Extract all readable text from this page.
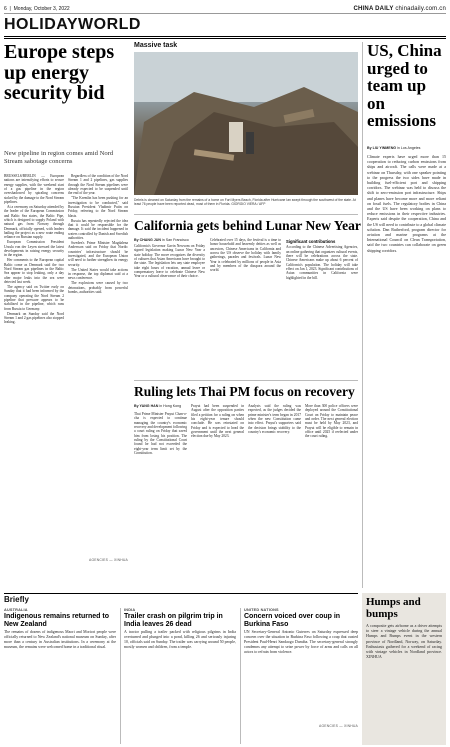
6  |  Monday, October 3, 2022	CHINA DAILY chinadaily.com.cn
HOLIDAYWORLD
Europe steps up energy security bid
New pipeline in region comes amid Nord Stream sabotage concerns

BRUSSELS/BERLIN — European nations are intensifying efforts to secure energy supplies, with the weekend start of a gas pipeline in the region overshadowed by spiraling concerns stoked by the damage to the Nord Stream pipelines.

At a ceremony on Saturday attended by the leader of the European Commission and Baltic Sea states, the Baltic Pipe, which is designed to supply Poland with natural gas from Norway through Denmark, officially opened, with leaders hailing the project as a new route ending reliance on Russian supply.

European Commission President Ursula von der Leyen stressed the latest developments in raising energy security in the region.

Her comments to the European capital Baltic come as Denmark said the two Nord Stream gas pipelines in the Baltic Sea appear to stop leaking, only a day after major leaks into the sea were detected last week.

The agency said on Twitter early on Sunday that it had been informed by the company operating the Nord Stream 2 pipeline that pressure appears to be stabilized in the pipeline, which runs from Russia to Germany.

Denmark on Sunday said the Nord Stream 1 and 2 gas pipelines also stopped leaking.

Regardless of the condition of the Nord Stream 1 and 2 pipelines, gas supplies through the Nord Stream pipelines were already expected to be suspended until the end of the year.

"The Kremlin has been pushing for an investigation to be conducted," said Russian President Vladimir Putin on Friday, referring to the Nord Stream blasts.

Russia has repeatedly rejected the idea that it could be responsible for the damage. It said the incident happened in waters controlled by Danish and Swedish authorities.

Sweden's Prime Minister Magdalena Andersson said on Friday that Nordic countries' infrastructure should be investigated, and the European Union will need to further strengthen its energy security.

The United States would take actions in response, the top diplomat said at a news conference.

The explosions were caused by two detonations, probably from powerful bombs, authorities said.

AGENCIES — XINHUA
Massive task
Debris is cleaned on Saturday from the remains of a home on Fort Myers Beach, Florida after Hurricane Ian swept through the southwest of the state. At least 76 people have been reported dead, most of them in Florida. GIORGIO VIERA / AFP
California gets behind Lunar New Year
By CHANG JUN in San Francisco
California's Governor Gavin Newsom on Friday signed legislation making Lunar New Year a state holiday. The move recognizes the diversity of cultures that Asian Americans have brought to the state. The legislation lets any state employee take eight hours of vacation, annual leave or compensatory leave to celebrate Chinese New Year or a cultural observance of their choice.
Celebrated over 15 days, the festival is a time to honor household and heavenly deities as well as ancestors, Chinese Americans in California and across the US observe the holiday with family gatherings, parades and festivals. Lunar New Year is celebrated by millions of people in Asia and by members of the diaspora around the world.
Significant contributions
According to the Chinese Advertising Agencies, an online gathering that organizes cultural events, there will be celebrations across the state. Chinese Americans make up about 6 percent of California's population. The holiday will take effect on Jan 1, 2023. Significant contributions of Asian communities in California were highlighted in the bill.
Ruling lets Thai PM focus on recovery
By YANG HAN in Hong Kong
Thai Prime Minister Prayut Chan-o-cha is expected to continue managing the country's economic recovery and development following a court ruling on Friday that saved him from losing his position. The ruling by the Constitutional Court found he had not exceeded the eight-year term limit set by the Constitution.
Prayut had been suspended in August after the opposition parties filed a petition for a ruling on when his eight-year tenure should conclude. He was reinstated on Friday and is expected to head the government until the next general election due by May 2023.
Analysts said the ruling was expected, as the judges decided the prime minister's term began in 2017 when the new Constitution came into effect. Prayut's supporters said the decision brings stability to the country's economic recovery.
More than 300 police officers were deployed around the Constitutional Court on Friday to maintain peace and order. The next general election must be held by May 2023, and Prayut will be eligible to remain in office until 2025 if reelected under the court ruling.
US, China urged to team up on emissions
By LIU YINMENG in Los Angeles
Climate experts have urged more than 15 cooperation to reducing carbon emissions from ships and aircraft. The calls were made at a webinar on Thursday, with one speaker pointing to the progress the two sides have made in building fuel-efficient port and shipping corridors. The webinar was held to discuss the shift to zero-emission port infrastructure. Ships and planes have become more and more reliant on fossil fuels. The regulatory bodies in China and the US have been working on plans to reduce emissions in their respective industries. Experts said despite the cooperation, China and the US will need to contribute to a global climate solution. Dan Rutherford, program director for aviation and marine programs at the International Council on Clean Transportation, said the two countries can collaborate on green shipping corridors.
Briefly
AUSTRALIA
Indigenous remains returned to New Zealand
The remains of dozens of indigenous Maori and Moriori people were officially returned to New Zealand's national museum on Sunday, after more than a century in Australian institutions. In a ceremony at the museum, the remains were welcomed home in a traditional ritual.
INDIA
Trailer crash on pilgrim trip in India leaves 26 dead
A tractor pulling a trailer packed with religious pilgrims in India overturned and plunged into a pond, killing 26 and seriously injuring 10, officials said on Sunday. The trailer was carrying around 50 people, mostly women and children, from a temple.
UNITED NATIONS
Concern voiced over coup in Burkina Faso
UN Secretary-General Antonio Guterres on Saturday expressed deep concern over the situation in Burkina Faso following a coup that ousted President Paul-Henri Sandaogo Damiba. The secretary-general strongly condemns any attempt to seize power by force of arms and calls on all actors to refrain from violence.
AGENCIES — XINHUA
Humps and bumps
A composite gets airborne as a driver attempts to steer a vintage vehicle during the annual Humps and Bumps event in the western province of Nordland, Norway, on Saturday. Enthusiasts gathered for a weekend of racing with vintage vehicles in Nordland province. XINHUA
